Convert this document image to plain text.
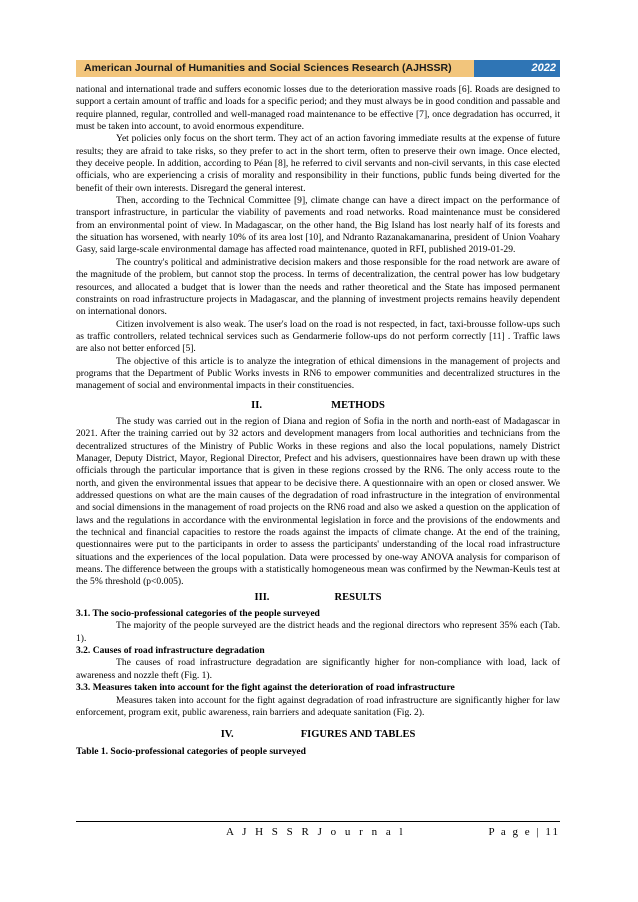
American Journal of Humanities and Social Sciences Research (AJHSSR)	2022

national and international trade and suffers economic losses due to the deterioration massive roads [6]. Roads are designed to support a certain amount of traffic and loads for a specific period; and they must always be in good condition and passable and require planned, regular, controlled and well-managed road maintenance to be effective [7], once degradation has occurred, it must be taken into account, to avoid enormous expenditure.

Yet policies only focus on the short term. They act of an action favoring immediate results at the expense of future results; they are afraid to take risks, so they prefer to act in the short term, often to preserve their own image. Once elected, they deceive people. In addition, according to Péan [8], he referred to civil servants and non-civil servants, in this case elected officials, who are experiencing a crisis of morality and responsibility in their functions, public funds being diverted for the benefit of their own interests. Disregard the general interest.

Then, according to the Technical Committee [9], climate change can have a direct impact on the performance of transport infrastructure, in particular the viability of pavements and road networks. Road maintenance must be considered from an environmental point of view. In Madagascar, on the other hand, the Big Island has lost nearly half of its forests and the situation has worsened, with nearly 10% of its area lost [10], and Ndranto Razanakamanarina, president of Union Voahary Gasy, said large-scale environmental damage has affected road maintenance, quoted in RFI, published 2019-01-29.

The country's political and administrative decision makers and those responsible for the road network are aware of the magnitude of the problem, but cannot stop the process. In terms of decentralization, the central power has low budgetary resources, and allocated a budget that is lower than the needs and rather theoretical and the State has imposed permanent constraints on road infrastructure projects in Madagascar, and the planning of investment projects remains heavily dependent on international donors.

Citizen involvement is also weak. The user's load on the road is not respected, in fact, taxi-brousse follow-ups such as traffic controllers, related technical services such as Gendarmerie follow-ups do not perform correctly [11] . Traffic laws are also not better enforced [5].

The objective of this article is to analyze the integration of ethical dimensions in the management of projects and programs that the Department of Public Works invests in RN6 to empower communities and decentralized structures in the management of social and environmental impacts in their constituencies.

II.	METHODS

The study was carried out in the region of Diana and region of Sofia in the north and north-east of Madagascar in 2021. After the training carried out by 32 actors and development managers from local authorities and technicians from the decentralized structures of the Ministry of Public Works in these regions and also the local populations, namely District Manager, Deputy District, Mayor, Regional Director, Prefect and his advisers, questionnaires have been drawn up with these officials through the particular importance that is given in these regions crossed by the RN6. The only access route to the north, and given the environmental issues that appear to be decisive there. A questionnaire with an open or closed answer. We addressed questions on what are the main causes of the degradation of road infrastructure in the integration of environmental and social dimensions in the management of road projects on the RN6 road and also we asked a question on the application of laws and the regulations in accordance with the environmental legislation in force and the provisions of the endowments and the technical and financial capacities to restore the roads against the impacts of climate change. At the end of the training, questionnaires were put to the participants in order to assess the participants' understanding of the local road infrastructure situations and the experiences of the local population. Data were processed by one-way ANOVA analysis for comparison of means. The difference between the groups with a statistically homogeneous mean was confirmed by the Newman-Keuls test at the 5% threshold (p<0.005).

III.	RESULTS

3.1. The socio-professional categories of the people surveyed

The majority of the people surveyed are the district heads and the regional directors who represent 35% each (Tab. 1).

3.2. Causes of road infrastructure degradation

The causes of road infrastructure degradation are significantly higher for non-compliance with load, lack of awareness and nozzle theft (Fig. 1).

3.3. Measures taken into account for the fight against the deterioration of road infrastructure

Measures taken into account for the fight against degradation of road infrastructure are significantly higher for law enforcement, program exit, public awareness, rain barriers and adequate sanitation (Fig. 2).

IV.	FIGURES AND TABLES

Table 1. Socio-professional categories of people surveyed

A J H S S R J o u r n a l	P a g e | 11
